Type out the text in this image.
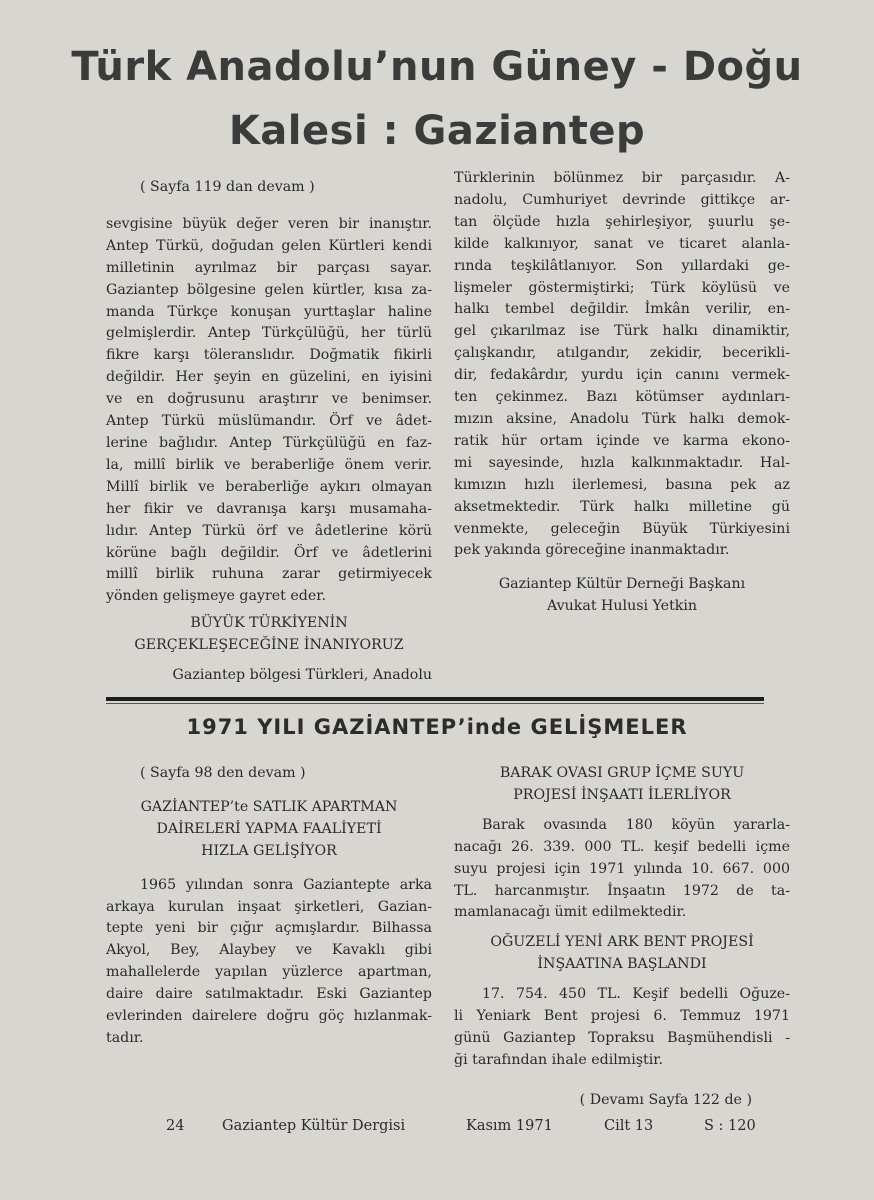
Türk Anadolu’nun Güney - Doğu
Kalesi : Gaziantep
( Sayfa 119 dan devam )
sevgisine büyük değer veren bir inanıştır.
Antep Türkü, doğudan gelen Kürtleri kendi
milletinin ayrılmaz bir parçası sayar.
Gaziantep bölgesine gelen kürtler, kısa za-
manda Türkçe konuşan yurttaşlar haline
gelmişlerdir. Antep Türkçülüğü, her türlü
fikre karşı töleranslıdır. Doğmatik fikirli
değildir. Her şeyin en güzelini, en iyisini
ve en doğrusunu araştırır ve benimser.
Antep Türkü müslümandır. Örf ve âdet-
lerine bağlıdır. Antep Türkçülüğü en faz-
la, millî birlik ve beraberliğe önem verir.
Millî birlik ve beraberliğe aykırı olmayan
her fikir ve davranışa karşı musamaha-
lıdır. Antep Türkü örf ve âdetlerine körü
körüne bağlı değildir. Örf ve âdetlerini
millî birlik ruhuna zarar getirmiyecek
yönden gelişmeye gayret eder.
BÜYÜK TÜRKİYENİN
GERÇEKLEŞECEĞİNE İNANIYORUZ
Gaziantep bölgesi Türkleri, Anadolu
Türklerinin bölünmez bir parçasıdır. A-
nadolu, Cumhuriyet devrinde gittikçe ar-
tan ölçüde hızla şehirleşiyor, şuurlu şe-
kilde kalkınıyor, sanat ve ticaret alanla-
rında teşkilâtlanıyor. Son yıllardaki ge-
lişmeler göstermiştirki; Türk köylüsü ve
halkı tembel değildir. İmkân verilir, en-
gel çıkarılmaz ise Türk halkı dinamiktir,
çalışkandır, atılgandır, zekidir, becerikli-
dir, fedakârdır, yurdu için canını vermek-
ten çekinmez. Bazı kötümser aydınları-
mızın aksine, Anadolu Türk halkı demok-
ratik hür ortam içinde ve karma ekono-
mi sayesinde, hızla kalkınmaktadır. Hal-
kımızın hızlı ilerlemesi, basına pek az
aksetmektedir. Türk halkı milletine gü
venmekte, geleceğin Büyük Türkiyesini
pek yakında göreceğine inanmaktadır.
Gaziantep Kültür Derneği Başkanı
Avukat Hulusi Yetkin
1971 YILI GAZİANTEP’inde GELİŞMELER
( Sayfa 98 den devam )
GAZİANTEP’te SATLIK APARTMAN
DAİRELERİ YAPMA FAALİYETİ
HIZLA GELİŞİYOR
1965 yılından sonra Gaziantepte arka
arkaya kurulan inşaat şirketleri, Gazian-
tepte yeni bir çığır açmışlardır. Bilhassa
Akyol, Bey, Alaybey ve Kavaklı gibi
mahallelerde yapılan yüzlerce apartman,
daire daire satılmaktadır. Eski Gaziantep
evlerinden dairelere doğru göç hızlanmak-
tadır.
BARAK OVASI GRUP İÇME SUYU
PROJESİ İNŞAATI İLERLİYOR
Barak ovasında 180 köyün yararla-
nacağı 26. 339. 000 TL. keşif bedelli içme
suyu projesi için 1971 yılında 10. 667. 000
TL. harcanmıştır. İnşaatın 1972 de ta-
mamlanacağı ümit edilmektedir.
OĞUZELİ YENİ ARK BENT PROJESİ
İNŞAATINA BAŞLANDI
17. 754. 450 TL. Keşif bedelli Oğuze-
li Yeniark Bent projesi 6. Temmuz 1971
günü Gaziantep Topraksu Başmühendisli -
ği tarafından ihale edilmiştir.
( Devamı Sayfa 122 de )
24	Gaziantep Kültür Dergisi	Kasım 1971	Cilt 13	S : 120
